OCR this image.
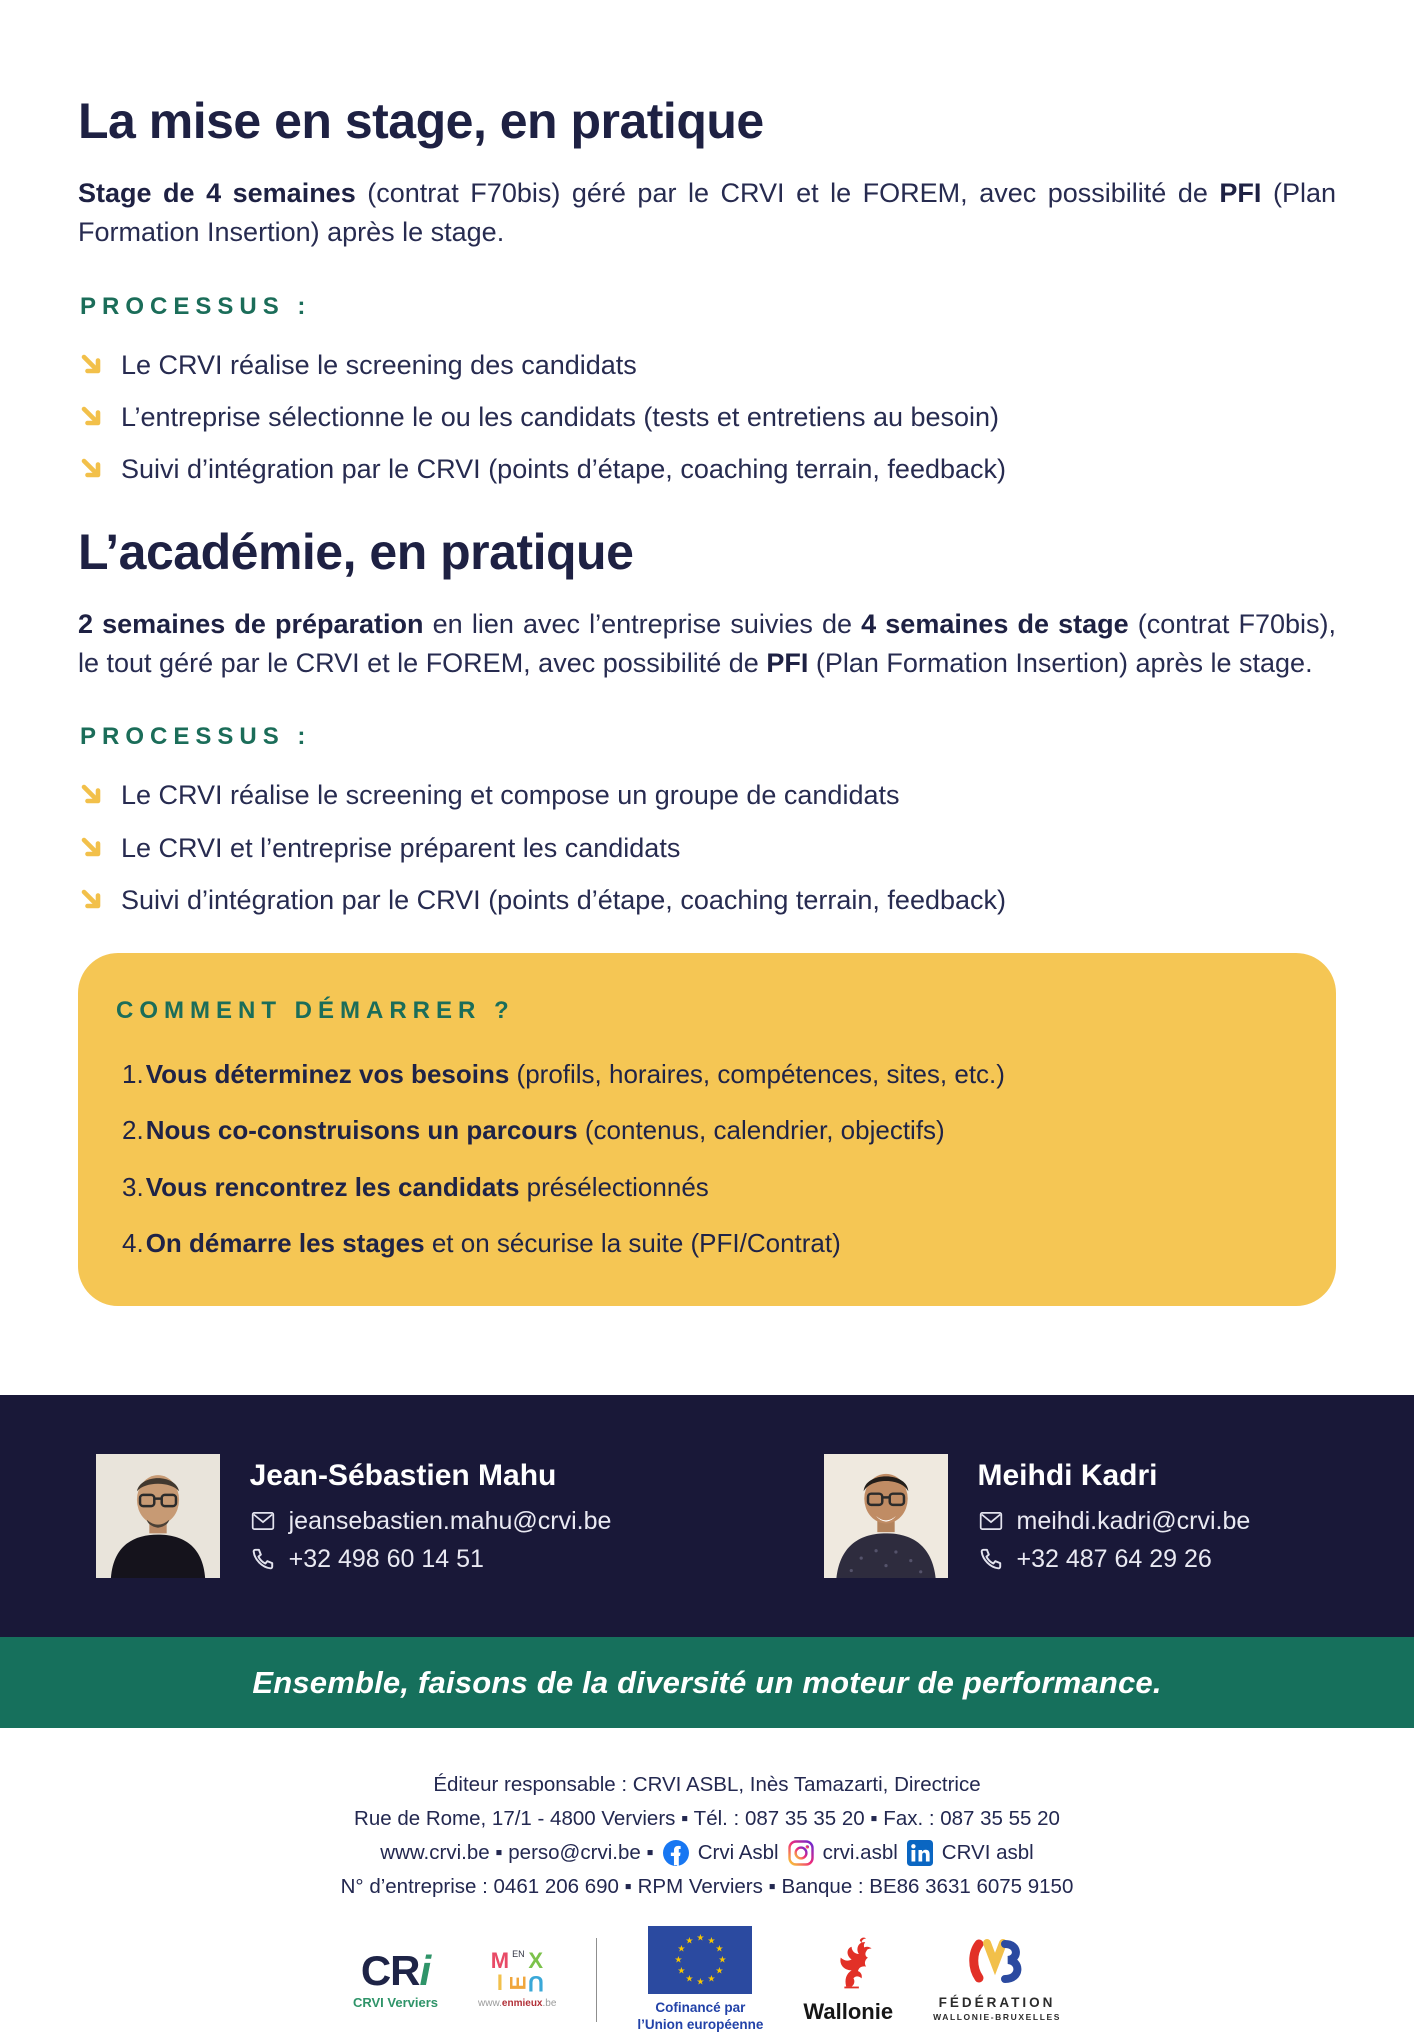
La mise en stage, en pratique

Stage de 4 semaines (contrat F70bis) géré par le CRVI et le FOREM, avec possibilité de PFI (Plan Formation Insertion) après le stage.

PROCESSUS :
Le CRVI réalise le screening des candidats
L’entreprise sélectionne le ou les candidats (tests et entretiens au besoin)
Suivi d’intégration par le CRVI (points d’étape, coaching terrain, feedback)
L’académie, en pratique

2 semaines de préparation en lien avec l’entreprise suivies de 4 semaines de stage (contrat F70bis), le tout géré par le CRVI et le FOREM, avec possibilité de PFI (Plan Formation Insertion) après le stage.

PROCESSUS :
Le CRVI réalise le screening et compose un groupe de candidats
Le CRVI et l’entreprise préparent les candidats
Suivi d’intégration par le CRVI (points d’étape, coaching terrain, feedback)
COMMENT DÉMARRER ?
1.Vous déterminez vos besoins (profils, horaires, compétences, sites, etc.)
2.Nous co-construisons un parcours (contenus, calendrier, objectifs)
3.Vous rencontrez les candidats présélectionnés
4.On démarre les stages et on sécurise la suite (PFI/Contrat)
Jean-Sébastien Mahu
jeansebastien.mahu@crvi.be
+32 498 60 14 51
Meihdi Kadri
meihdi.kadri@crvi.be
+32 487 64 29 26
Ensemble, faisons de la diversité un moteur de performance.
Éditeur responsable : CRVI ASBL, Inès Tamazarti, Directrice
Rue de Rome, 17/1 - 4800 Verviers ▪ Tél. : 087 35 35 20 ▪ Fax. : 087 35 55 20
www.crvi.be ▪ perso@crvi.be ▪ Crvi Asbl crvi.asbl CRVI asbl
N° d’entreprise : 0461 206 690 ▪ RPM Verviers ▪ Banque : BE86 3631 6075 9150
CRi
CRVI Verviers
M EN X
I E
U
www.enmieux.be
★ ★
★
★
★
★
★
★
★
★
★
★
Cofinancé par
l’Union européenne Wallonie	FÉDÉRATION
WALLONIE-BRUXELLES
